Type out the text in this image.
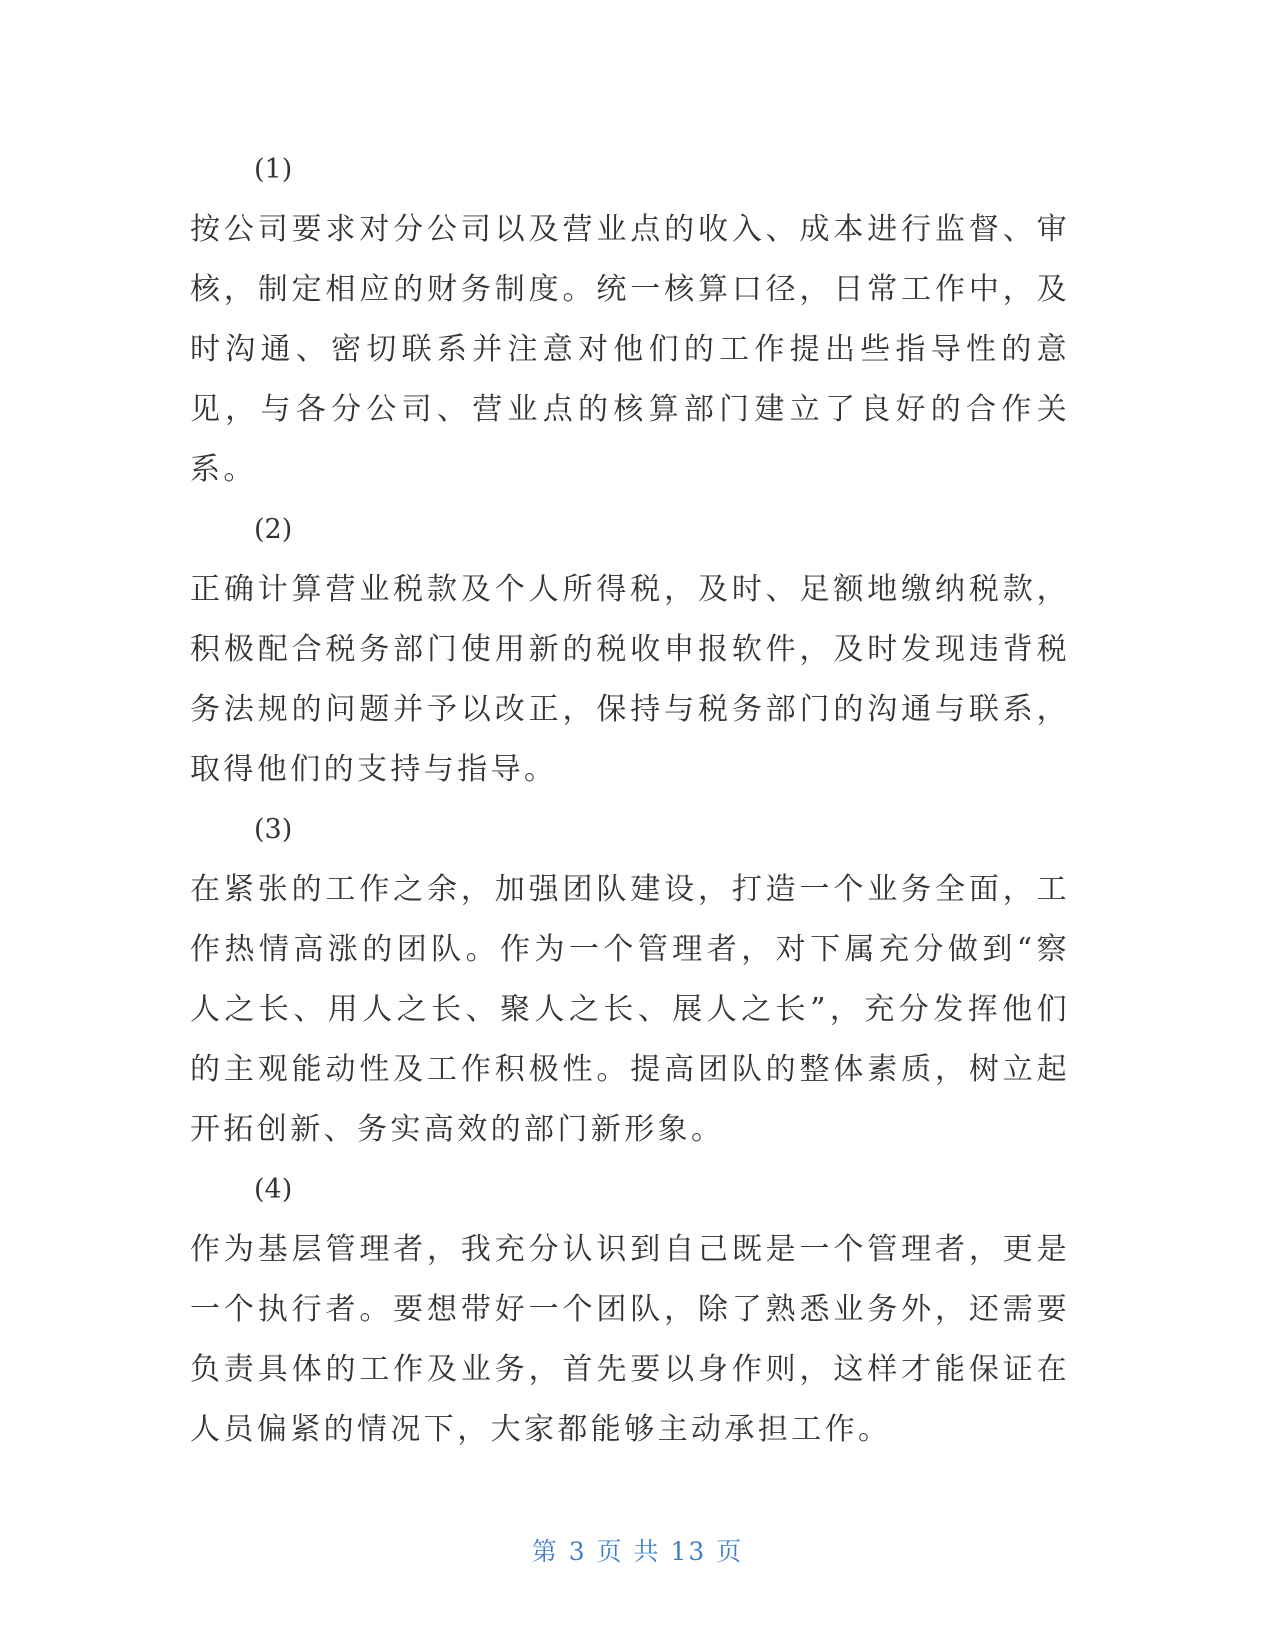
(1)

按公司要求对分公司以及营业点的收入、成本进行监督、审核，制定相应的财务制度。统一核算口径，日常工作中，及时沟通、密切联系并注意对他们的工作提出些指导性的意见，与各分公司、营业点的核算部门建立了良好的合作关系。

(2)

正确计算营业税款及个人所得税，及时、足额地缴纳税款，积极配合税务部门使用新的税收申报软件，及时发现违背税务法规的问题并予以改正，保持与税务部门的沟通与联系，取得他们的支持与指导。

(3)

在紧张的工作之余，加强团队建设，打造一个业务全面，工作热情高涨的团队。作为一个管理者，对下属充分做到“察人之长、用人之长、聚人之长、展人之长”，充分发挥他们的主观能动性及工作积极性。提高团队的整体素质，树立起开拓创新、务实高效的部门新形象。

(4)

作为基层管理者，我充分认识到自己既是一个管理者，更是一个执行者。要想带好一个团队，除了熟悉业务外，还需要负责具体的工作及业务，首先要以身作则，这样才能保证在人员偏紧的情况下，大家都能够主动承担工作。

第 3 页 共 13 页
